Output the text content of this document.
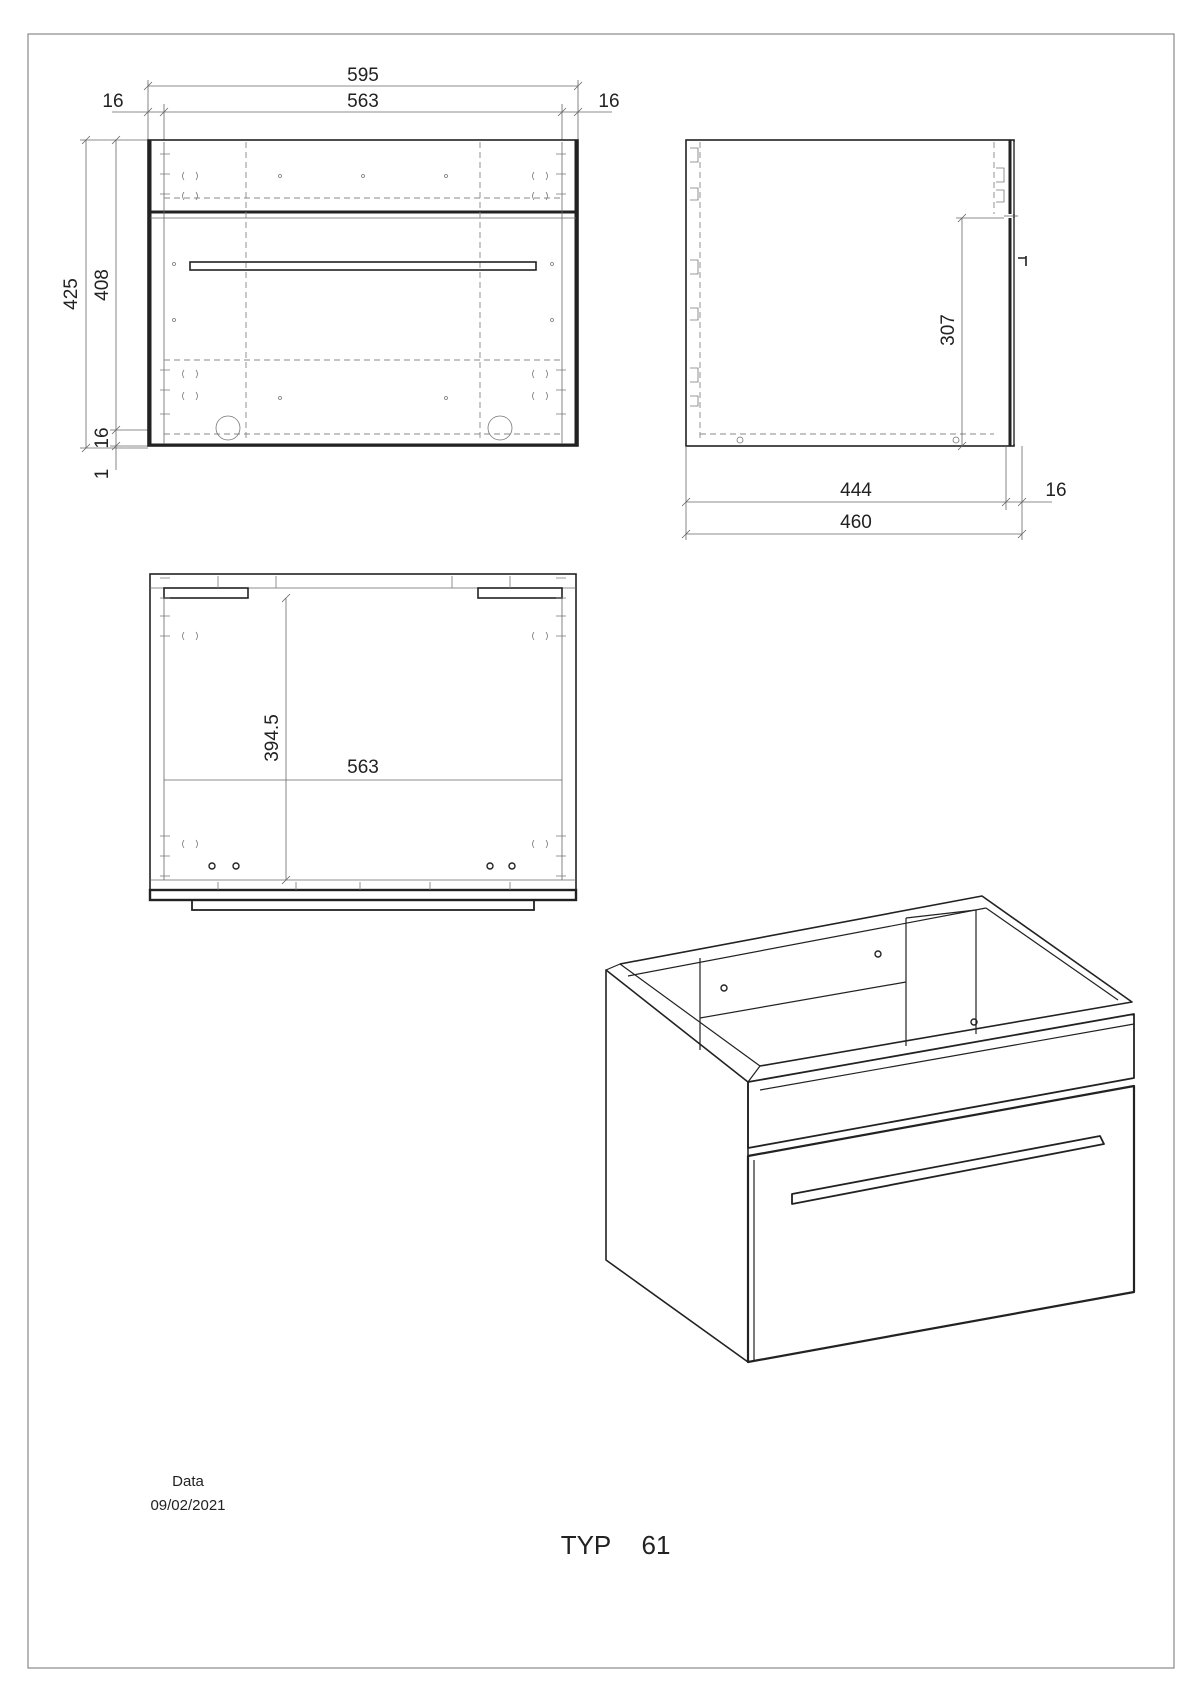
595
563
16	16
425 408
16
1
307
444	16
460
394.5
563
Data
09/02/2021
TYP 61
